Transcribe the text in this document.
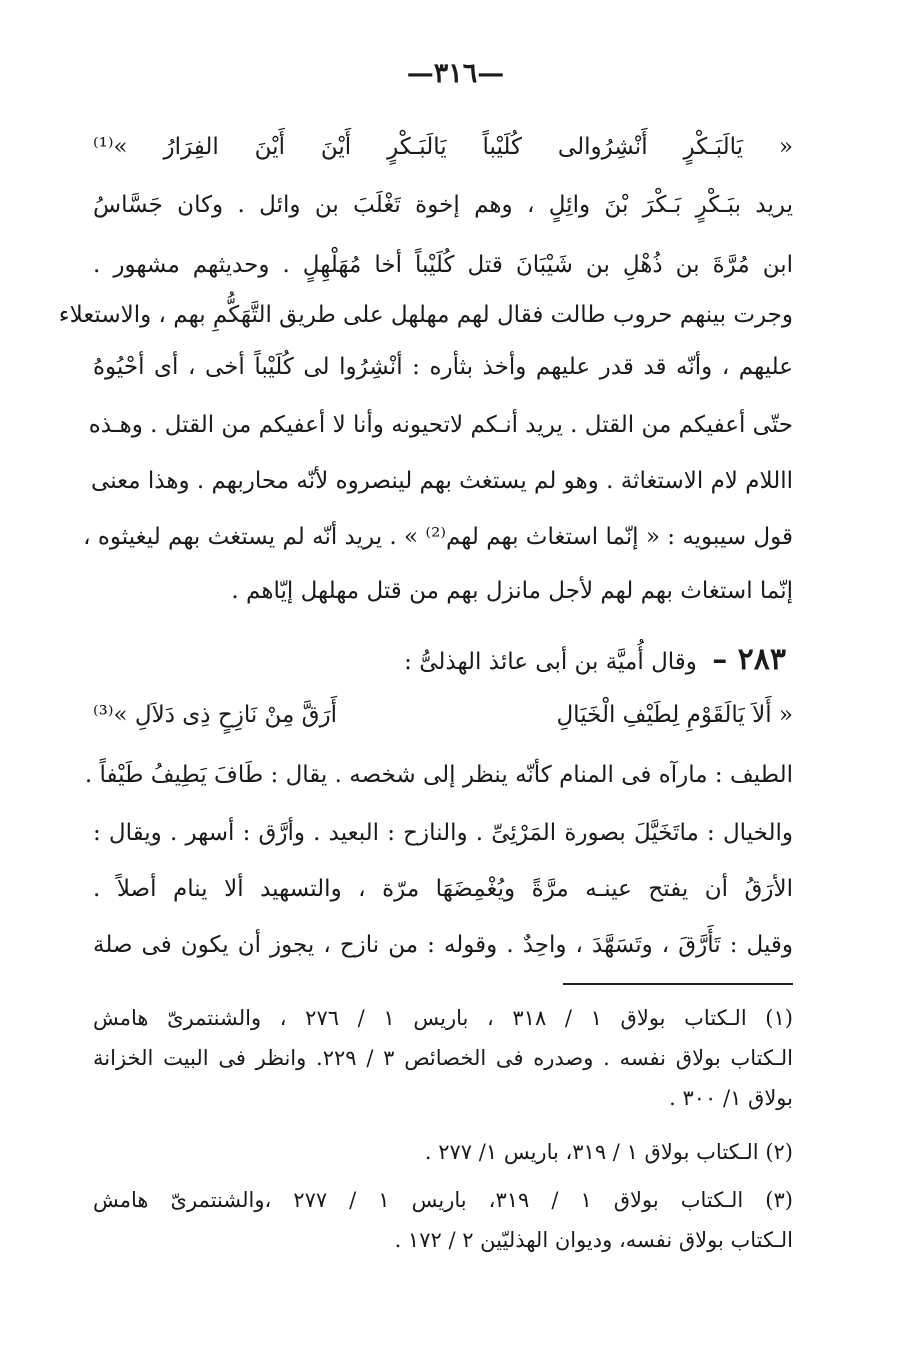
—٣١٦—
« يَالَبَـكْرٍ أَنْشِرُوالى كُلَيْباً يَالَبَـكْرٍ أَيْنَ أَيْنَ الفِرَارُ »⁽¹⁾
يريد ببَـكْرٍ بَـكْرَ بْنَ وائِلٍ ، وهم إخوة تَغْلَبَ بن وائل . وكان جَسَّاسُ
ابن مُرَّةَ بن ذُهْلِ بن شَيْبَانَ قتل كُلَيْباً أخا مُهَلْهِلٍ . وحديثهم مشهور .
وجرت بينهم حروب طالت فقال لهم مهلهل على طريق التَّهَكُّمِ بهم ، والاستعلاء
عليهم ، وأنّه قد قدر عليهم وأخذ بثأره : أنْشِرُوا لى كُلَيْباً أخى ، أى أحْيُوهُ
حتّى أعفيكم من القتل . يريد أنـكم لاتحيونه وأنا لا أعفيكم من القتل . وهـذه
االلام لام الاستغاثة . وهو لم يستغث بهم لينصروه لأنّه محاربهم . وهذا معنى
قول سيبويه : « إنّما استغاث بهم لهم⁽²⁾ » . يريد أنّه لم يستغث بهم ليغيثوه ،
إنّما استغاث بهم لهم لأجل مانزل بهم من قتل مهلهل إيّاهم .
٢٨٣ – وقال أُميَّة بن أبى عائذ الهذلىُّ :
« أَلاَ يَالَقَوْمِ لِطَيْفِ الْخَيَالِ
أَرَقَّ مِنْ نَازِحٍ ذِى دَلاَلِ »⁽³⁾
الطيف : مارآه فى المنام كأنّه ينظر إلى شخصه . يقال : طَافَ يَطِيفُ طَيْفاً .
والخيال : ماتَخَيَّلَ بصورة المَرْئِىِّ . والنازح : البعيد . وأرَّق : أسهر . ويقال :
الأرَقُ أن يفتح عينـه مرَّةً ويُغْمِضَهَا مرّة ، والتسهيد ألا ينام أصلاً .
وقيل : تَأَرَّقَ ، وتَسَهَّدَ ، واحِدٌ . وقوله : من نازح ، يجوز أن يكون فى صلة
(١) الـكتاب بولاق ١ / ٣١٨ ، باريس ١ / ٢٧٦ ، والشنتمرىّ هامش
الـكتاب بولاق نفسه . وصدره فى الخصائص ٣ / ٢٢٩. وانظر فى البيت الخزانة
بولاق ١/ ٣٠٠ .
(٢) الـكتاب بولاق ١ / ٣١٩، باريس ١/ ٢٧٧ .
(٣) الـكتاب بولاق ١ / ٣١٩، باريس ١ / ٢٧٧ ،والشنتمرىّ هامش
الـكتاب بولاق نفسه، وديوان الهذليّين ٢ / ١٧٢ .
